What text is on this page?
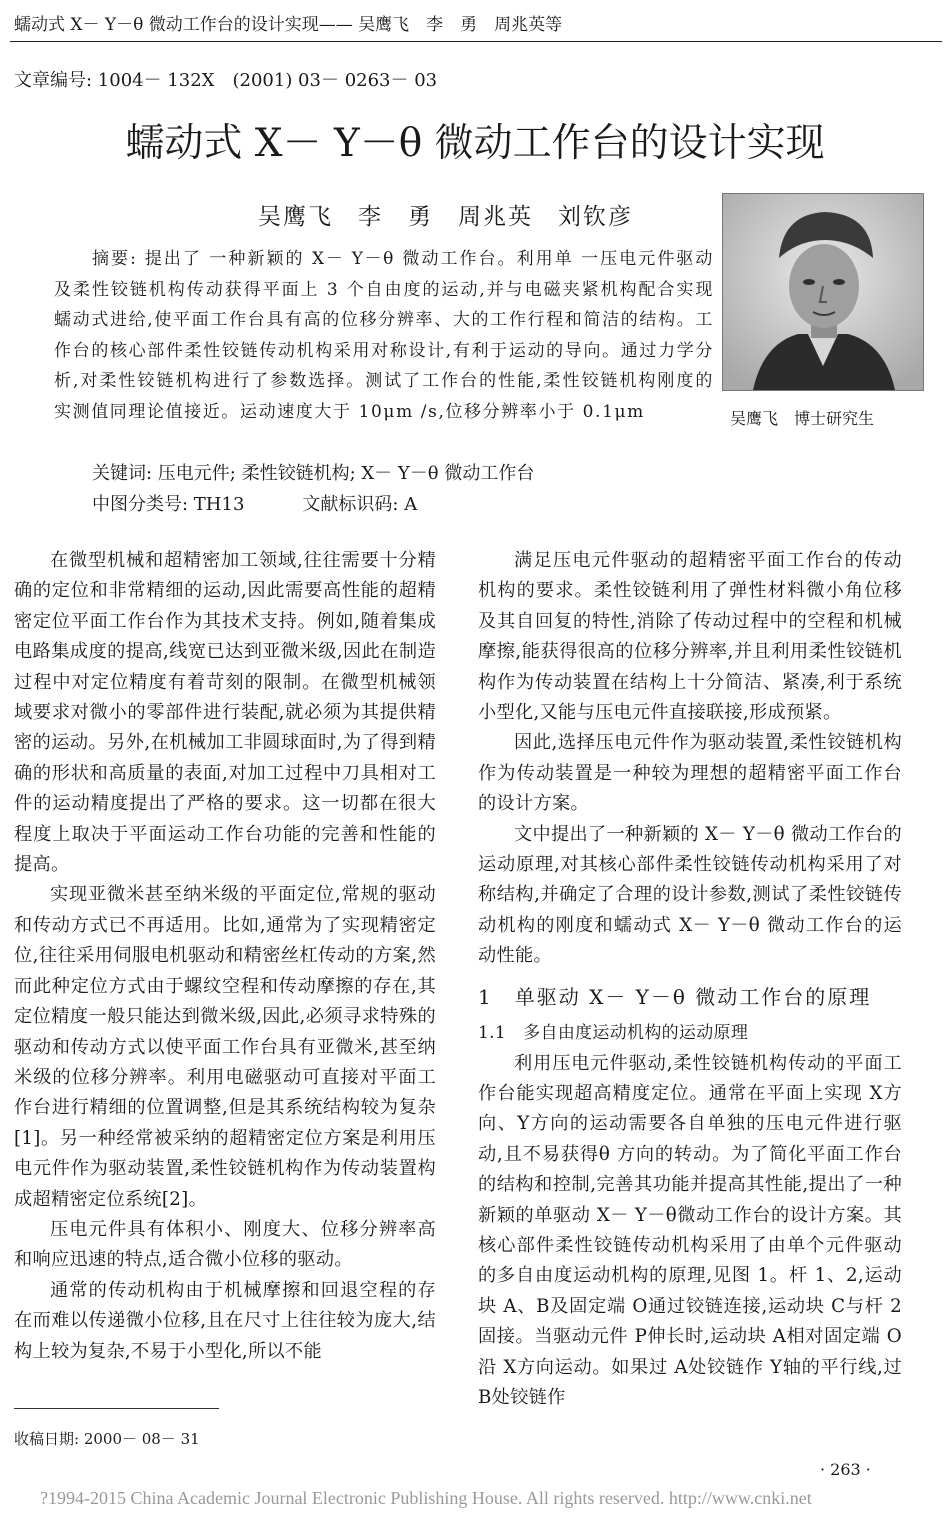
蠕动式 X－ Y－θ 微动工作台的设计实现—— 吴鹰飞　李　勇　周兆英等
文章编号: 1004－ 132X　(2001) 03－ 0263－ 03
蠕动式 X－ Y－θ 微动工作台的设计实现
吴鹰飞　李　勇　周兆英　刘钦彦
摘要: 提出了 一种新颖的 X－ Y－θ 微动工作台。利用单 一压电元件驱动及柔性铰链机构传动获得平面上 3 个自由度的运动,并与电磁夹紧机构配合实现蠕动式进给,使平面工作台具有高的位移分辨率、大的工作行程和简洁的结构。工作台的核心部件柔性铰链传动机构采用对称设计,有利于运动的导向。通过力学分析,对柔性铰链机构进行了参数选择。测试了工作台的性能,柔性铰链机构刚度的实测值同理论值接近。运动速度大于 10μm /s,位移分辨率小于 0.1μm
关键词: 压电元件; 柔性铰链机构; X－ Y－θ 微动工作台
中图分类号: TH13	文献标识码: A
吴鹰飞　博士研究生

在微型机械和超精密加工领域,往往需要十分精确的定位和非常精细的运动,因此需要高性能的超精密定位平面工作台作为其技术支持。例如,随着集成电路集成度的提高,线宽已达到亚微米级,因此在制造过程中对定位精度有着苛刻的限制。在微型机械领域要求对微小的零部件进行装配,就必须为其提供精密的运动。另外,在机械加工非圆球面时,为了得到精确的形状和高质量的表面,对加工过程中刀具相对工件的运动精度提出了严格的要求。这一切都在很大程度上取决于平面运动工作台功能的完善和性能的提高。

实现亚微米甚至纳米级的平面定位,常规的驱动和传动方式已不再适用。比如,通常为了实现精密定位,往往采用伺服电机驱动和精密丝杠传动的方案,然而此种定位方式由于螺纹空程和传动摩擦的存在,其定位精度一般只能达到微米级,因此,必须寻求特殊的驱动和传动方式以使平面工作台具有亚微米,甚至纳米级的位移分辨率。利用电磁驱动可直接对平面工作台进行精细的位置调整,但是其系统结构较为复杂[1]。另一种经常被采纳的超精密定位方案是利用压电元件作为驱动装置,柔性铰链机构作为传动装置构成超精密定位系统[2]。

压电元件具有体积小、刚度大、位移分辨率高和响应迅速的特点,适合微小位移的驱动。

通常的传动机构由于机械摩擦和回退空程的存在而难以传递微小位移,且在尺寸上往往较为庞大,结构上较为复杂,不易于小型化,所以不能

收稿日期: 2000－ 08－ 31

满足压电元件驱动的超精密平面工作台的传动机构的要求。柔性铰链利用了弹性材料微小角位移及其自回复的特性,消除了传动过程中的空程和机械摩擦,能获得很高的位移分辨率,并且利用柔性铰链机构作为传动装置在结构上十分简洁、紧凑,利于系统小型化,又能与压电元件直接联接,形成预紧。

因此,选择压电元件作为驱动装置,柔性铰链机构作为传动装置是一种较为理想的超精密平面工作台的设计方案。

文中提出了一种新颖的 X－ Y－θ 微动工作台的运动原理,对其核心部件柔性铰链传动机构采用了对称结构,并确定了合理的设计参数,测试了柔性铰链传动机构的刚度和蠕动式 X－ Y－θ 微动工作台的运动性能。

1　单驱动 X－ Y－θ 微动工作台的原理

1.1　多自由度运动机构的运动原理

利用压电元件驱动,柔性铰链机构传动的平面工作台能实现超高精度定位。通常在平面上实现 X方向、Y方向的运动需要各自单独的压电元件进行驱动,且不易获得θ 方向的转动。为了简化平面工作台的结构和控制,完善其功能并提高其性能,提出了一种新颖的单驱动 X－ Y－θ微动工作台的设计方案。其核心部件柔性铰链传动机构采用了由单个元件驱动的多自由度运动机构的原理,见图 1。杆 1、2,运动块 A、B及固定端 O通过铰链连接,运动块 C与杆 2固接。当驱动元件 P伸长时,运动块 A相对固定端 O沿 X方向运动。如果过 A处铰链作 Y轴的平行线,过 B处铰链作

· 263 ·
?1994-2015 China Academic Journal Electronic Publishing House. All rights reserved. http://www.cnki.net
